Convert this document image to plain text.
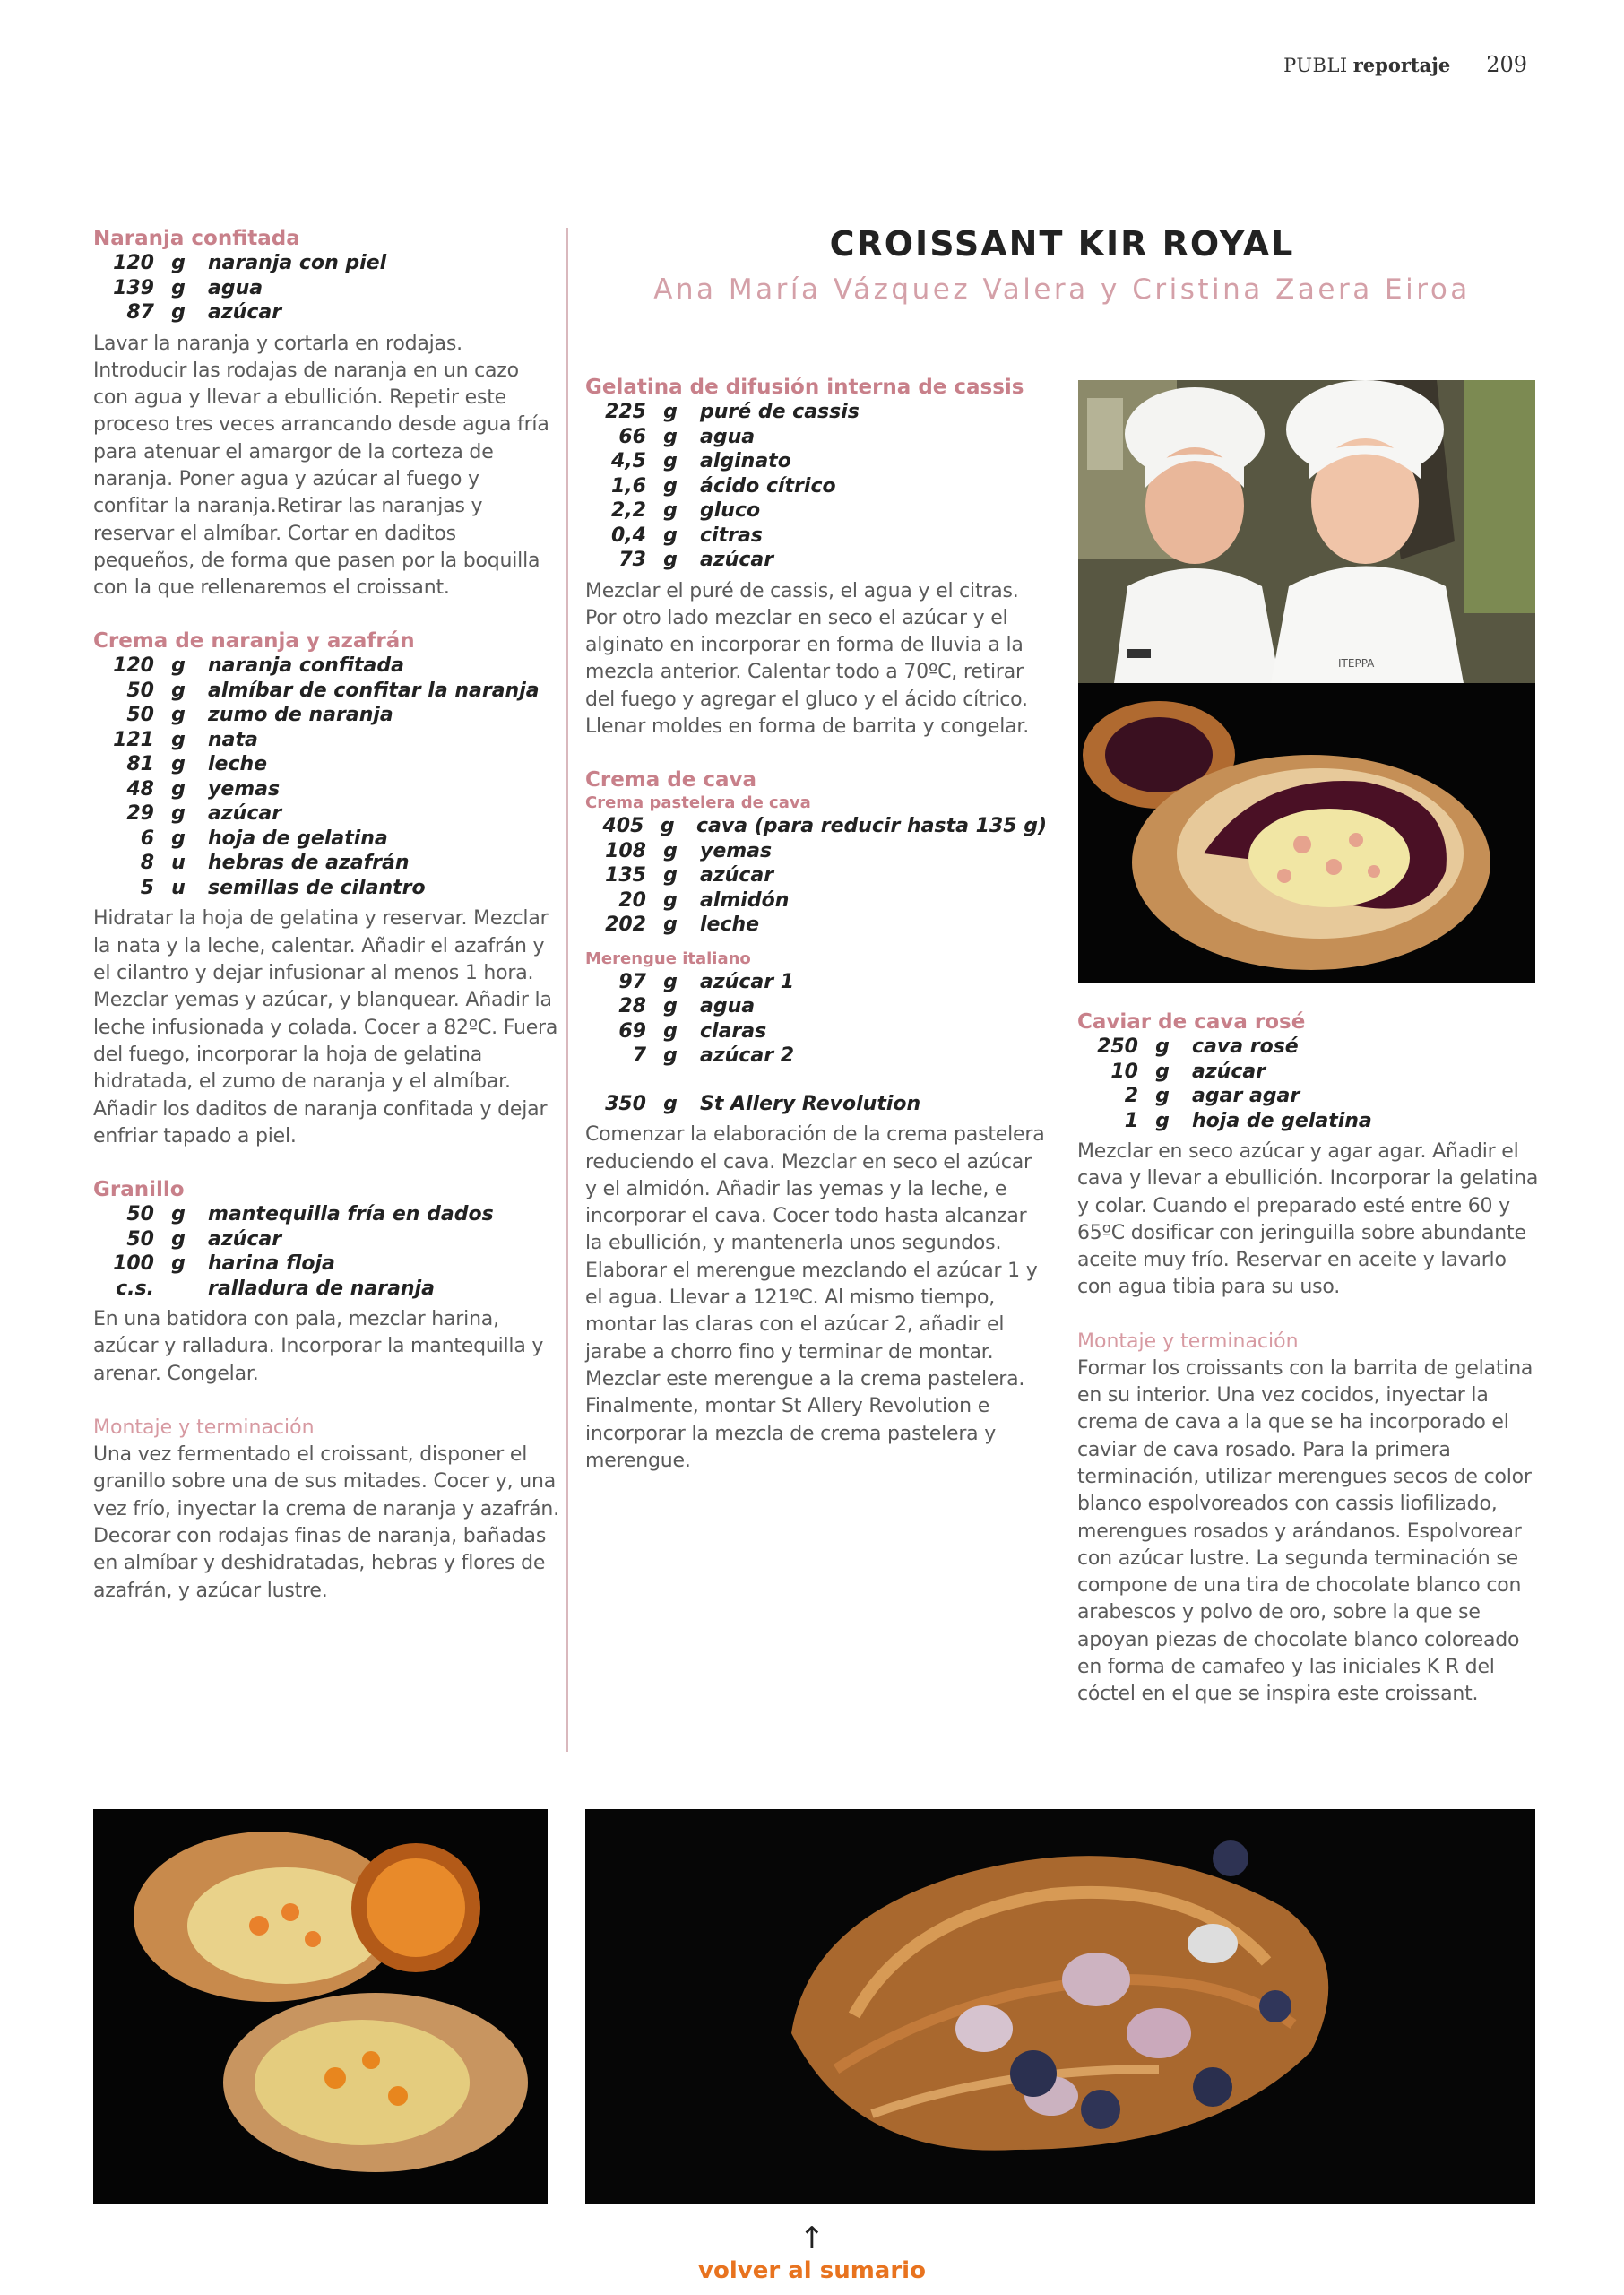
PUBLI reportaje 209
CROISSANT KIR ROYAL
Ana María Vázquez Valera y Cristina Zaera Eiroa

Naranja confitada

120 g	naranja con piel
139 g	agua
87 g	azúcar

Lavar la naranja y cortarla en rodajas. Introducir las rodajas de naranja en un cazo con agua y llevar a ebullición. Repetir este proceso tres veces arrancando desde agua fría para atenuar el amargor de la corteza de naranja. Poner agua y azúcar al fuego y confitar la naranja.Retirar las naranjas y reservar el almíbar. Cortar en daditos pequeños, de forma que pasen por la boquilla con la que rellenaremos el croissant.

Crema de naranja y azafrán

120 g	naranja confitada
50 g	almíbar de confitar la naranja
50 g	zumo de naranja
121 g	nata
81 g	leche
48 g	yemas
29 g	azúcar
6 g	hoja de gelatina
8 u	hebras de azafrán
5 u	semillas de cilantro

Hidratar la hoja de gelatina y reservar. Mezclar la nata y la leche, calentar. Añadir el azafrán y el cilantro y dejar infusionar al menos 1 hora. Mezclar yemas y azúcar, y blanquear. Añadir la leche infusionada y colada. Cocer a 82ºC. Fuera del fuego, incorporar la hoja de gelatina hidratada, el zumo de naranja y el almíbar. Añadir los daditos de naranja confitada y dejar enfriar tapado a piel.

Granillo

50 g	mantequilla fría en dados
50 g	azúcar
100 g	harina floja
c.s.	ralladura de naranja

En una batidora con pala, mezclar harina, azúcar y ralladura. Incorporar la mantequilla y arenar. Congelar.

Montaje y terminación

Una vez fermentado el croissant, disponer el granillo sobre una de sus mitades. Cocer y, una vez frío, inyectar la crema de naranja y azafrán. Decorar con rodajas finas de naranja, bañadas en almíbar y deshidratadas, hebras y flores de azafrán, y azúcar lustre.

Gelatina de difusión interna de cassis

225 g	puré de cassis
66 g	agua
4,5 g	alginato
1,6 g	ácido cítrico
2,2 g	gluco
0,4 g	citras
73 g	azúcar

Mezclar el puré de cassis, el agua y el citras. Por otro lado mezclar en seco el azúcar y el alginato en incorporar en forma de lluvia a la mezcla anterior. Calentar todo a 70ºC, retirar del fuego y agregar el gluco y el ácido cítrico. Llenar moldes en forma de barrita y congelar.

Crema de cava

Crema pastelera de cava

405 g	cava (para reducir hasta 135 g)
108 g	yemas
135 g	azúcar
20 g	almidón
202 g	leche

Merengue italiano

97 g	azúcar 1
28 g	agua
69 g	claras
7 g	azúcar 2
350 g	St Allery Revolution

Comenzar la elaboración de la crema pastelera reduciendo el cava. Mezclar en seco el azúcar y el almidón. Añadir las yemas y la leche, e incorporar el cava. Cocer todo hasta alcanzar la ebullición, y mantenerla unos segundos. Elaborar el merengue mezclando el azúcar 1 y el agua. Llevar a 121ºC. Al mismo tiempo, montar las claras con el azúcar 2, añadir el jarabe a chorro fino y terminar de montar. Mezclar este merengue a la crema pastelera. Finalmente, montar St Allery Revolution e incorporar la mezcla de crema pastelera y merengue.

Caviar de cava rosé

250 g	cava rosé
10 g	azúcar
2 g	agar agar
1 g	hoja de gelatina

Mezclar en seco azúcar y agar agar. Añadir el cava y llevar a ebullición. Incorporar la gelatina y colar. Cuando el preparado esté entre 60 y 65ºC dosificar con jeringuilla sobre abundante aceite muy frío. Reservar en aceite y lavarlo con agua tibia para su uso.

Montaje y terminación

Formar los croissants con la barrita de gelatina en su interior. Una vez cocidos, inyectar la crema de cava a la que se ha incorporado el caviar de cava rosado. Para la primera terminación, utilizar merengues secos de color blanco espolvoreados con cassis liofilizado, merengues rosados y arándanos. Espolvorear con azúcar lustre. La segunda terminación se compone de una tira de chocolate blanco con arabescos y polvo de oro, sobre la que se apoyan piezas de chocolate blanco coloreado en forma de camafeo y las iniciales K R del cóctel en el que se inspira este croissant.

ITEPPA
↑
volver al sumario
